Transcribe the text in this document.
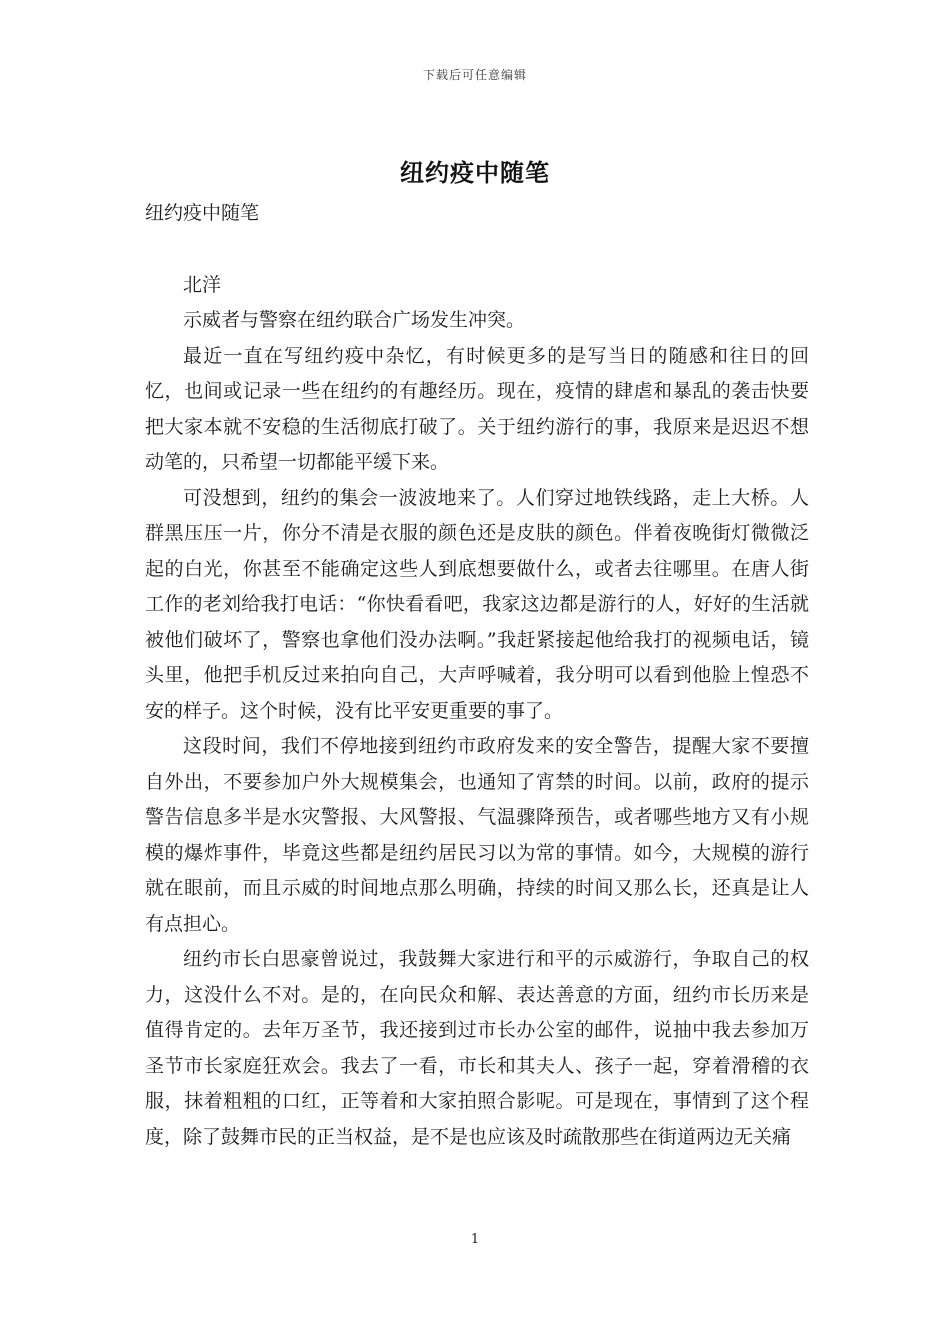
下载后可任意编辑
纽约疫中随笔

纽约疫中随笔

北洋

示威者与警察在纽约联合广场发生冲突。

最近一直在写纽约疫中杂忆，有时候更多的是写当日的随感和往日的回忆，也间或记录一些在纽约的有趣经历。现在，疫情的肆虐和暴乱的袭击快要把大家本就不安稳的生活彻底打破了。关于纽约游行的事，我原来是迟迟不想动笔的，只希望一切都能平缓下来。

可没想到，纽约的集会一波波地来了。人们穿过地铁线路，走上大桥。人群黑压压一片，你分不清是衣服的颜色还是皮肤的颜色。伴着夜晚街灯微微泛起的白光，你甚至不能确定这些人到底想要做什么，或者去往哪里。在唐人街工作的老刘给我打电话：“你快看看吧，我家这边都是游行的人，好好的生活就被他们破坏了，警察也拿他们没办法啊。”我赶紧接起他给我打的视频电话，镜头里，他把手机反过来拍向自己，大声呼喊着，我分明可以看到他脸上惶恐不安的样子。这个时候，没有比平安更重要的事了。

这段时间，我们不停地接到纽约市政府发来的安全警告，提醒大家不要擅自外出，不要参加户外大规模集会，也通知了宵禁的时间。以前，政府的提示警告信息多半是水灾警报、大风警报、气温骤降预告，或者哪些地方又有小规模的爆炸事件，毕竟这些都是纽约居民习以为常的事情。如今，大规模的游行就在眼前，而且示威的时间地点那么明确，持续的时间又那么长，还真是让人有点担心。

纽约市长白思豪曾说过，我鼓舞大家进行和平的示威游行，争取自己的权力，这没什么不对。是的，在向民众和解、表达善意的方面，纽约市长历来是值得肯定的。去年万圣节，我还接到过市长办公室的邮件，说抽中我去参加万圣节市长家庭狂欢会。我去了一看，市长和其夫人、孩子一起，穿着滑稽的衣服，抹着粗粗的口红，正等着和大家拍照合影呢。可是现在，事情到了这个程度，除了鼓舞市民的正当权益，是不是也应该及时疏散那些在街道两边无关痛

1
